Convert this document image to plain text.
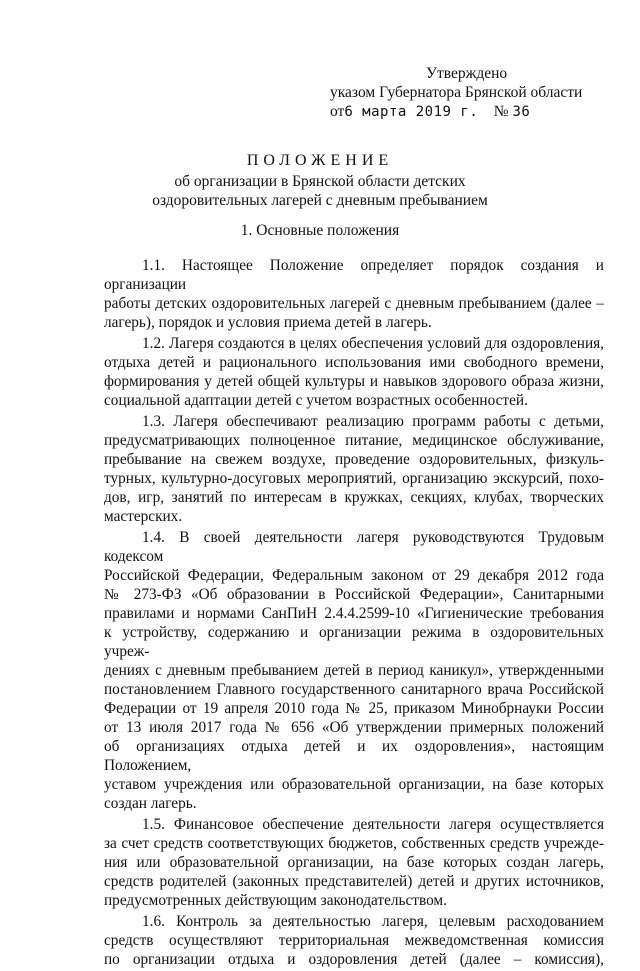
Утверждено
указом Губернатора Брянской области
от6 марта 2019 г. № 36
ПОЛОЖЕНИЕ
об организации в Брянской области детских
оздоровительных лагерей с дневным пребыванием
1. Основные положения

1.1. Настоящее Положение определяет порядок создания и организации
работы детских оздоровительных лагерей с дневным пребыванием (далее –
лагерь), порядок и условия приема детей в лагерь.

1.2. Лагеря создаются в целях обеспечения условий для оздоровления,
отдыха детей и рационального использования ими свободного времени,
формирования у детей общей культуры и навыков здорового образа жизни,
социальной адаптации детей с учетом возрастных особенностей.

1.3. Лагеря обеспечивают реализацию программ работы с детьми,
предусматривающих полноценное питание, медицинское обслуживание,
пребывание на свежем воздухе, проведение оздоровительных, физкуль-
турных, культурно-досуговых мероприятий, организацию экскурсий, похо-
дов, игр, занятий по интересам в кружках, секциях, клубах, творческих
мастерских.

1.4. В своей деятельности лагеря руководствуются Трудовым кодексом
Российской Федерации, Федеральным законом от 29 декабря 2012 года
№ 273-ФЗ «Об образовании в Российской Федерации», Санитарными
правилами и нормами СанПиН 2.4.4.2599-10 «Гигиенические требования
к устройству, содержанию и организации режима в оздоровительных учреж-
дениях с дневным пребыванием детей в период каникул», утвержденными
постановлением Главного государственного санитарного врача Российской
Федерации от 19 апреля 2010 года № 25, приказом Минобрнауки России
от 13 июля 2017 года № 656 «Об утверждении примерных положений
об организациях отдыха детей и их оздоровления», настоящим Положением,
уставом учреждения или образовательной организации, на базе которых
создан лагерь.

1.5. Финансовое обеспечение деятельности лагеря осуществляется
за счет средств соответствующих бюджетов, собственных средств учрежде-
ния или образовательной организации, на базе которых создан лагерь,
средств родителей (законных представителей) детей и других источников,
предусмотренных действующим законодательством.

1.6. Контроль за деятельностью лагеря, целевым расходованием
средств осуществляют территориальная межведомственная комиссия
по организации отдыха и оздоровления детей (далее – комиссия),
